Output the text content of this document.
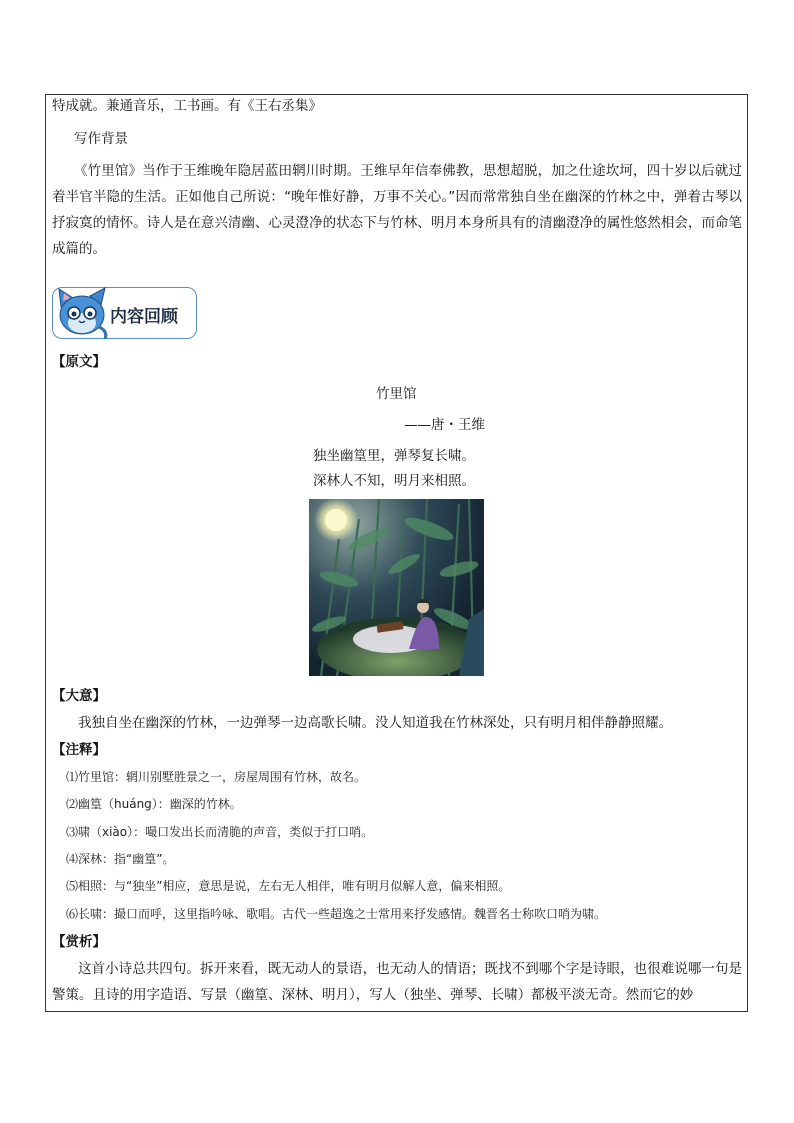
特成就。兼通音乐，工书画。有《王右丞集》
写作背景
《竹里馆》当作于王维晚年隐居蓝田辋川时期。王维早年信奉佛教，思想超脱，加之仕途坎坷，四十岁以后就过着半官半隐的生活。正如他自己所说：“晚年惟好静，万事不关心。”因而常常独自坐在幽深的竹林之中，弹着古琴以抒寂寞的情怀。诗人是在意兴清幽、心灵澄净的状态下与竹林、明月本身所具有的清幽澄净的属性悠然相会，而命笔成篇的。
内容回顾
【原文】
竹里馆
——唐・王维
独坐幽篁里，弹琴复长啸。
深林人不知，明月来相照。
【大意】
我独自坐在幽深的竹林，一边弹琴一边高歌长啸。没人知道我在竹林深处，只有明月相伴静静照耀。
【注释】
⑴竹里馆：辋川别墅胜景之一，房屋周围有竹林，故名。
⑵幽篁（huáng）：幽深的竹林。
⑶啸（xiào）：嘬口发出长而清脆的声音，类似于打口哨。
⑷深林：指“幽篁”。
⑸相照：与“独坐”相应，意思是说，左右无人相伴，唯有明月似解人意，偏来相照。
⑹长啸：撮口而呼，这里指吟咏、歌唱。古代一些超逸之士常用来抒发感情。魏晋名士称吹口哨为啸。
【赏析】
这首小诗总共四句。拆开来看，既无动人的景语，也无动人的情语；既找不到哪个字是诗眼，也很难说哪一句是警策。且诗的用字造语、写景（幽篁、深林、明月），写人（独坐、弹琴、长啸）都极平淡无奇。然而它的妙
